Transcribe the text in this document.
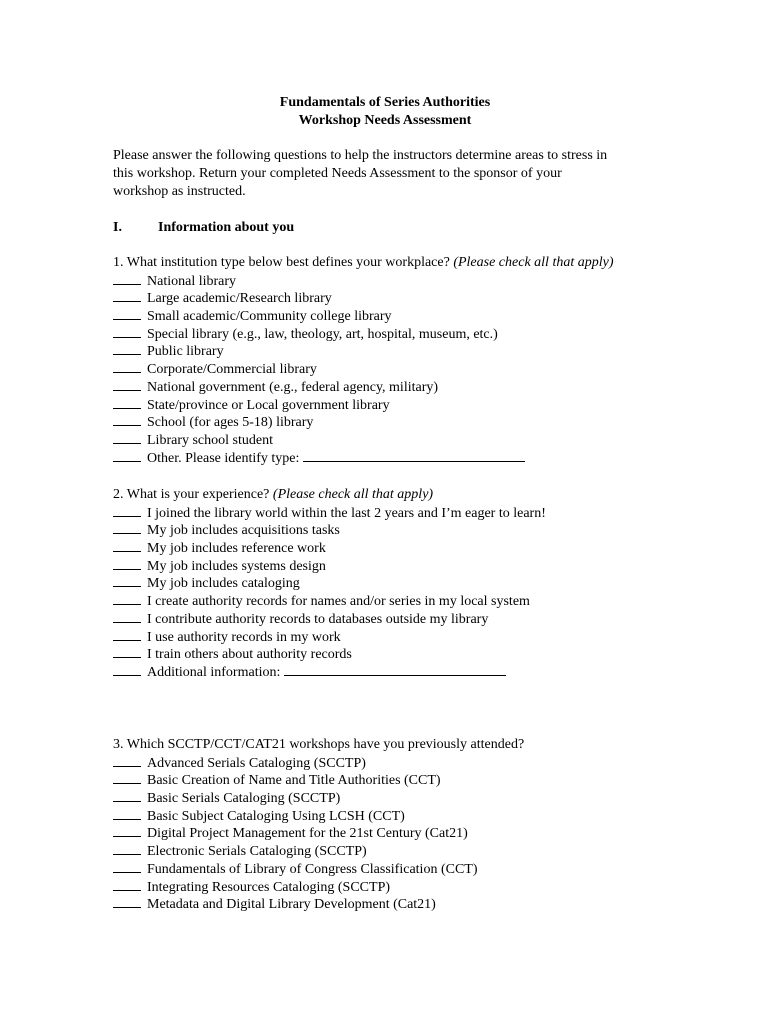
Fundamentals of Series Authorities
Workshop Needs Assessment
Please answer the following questions to help the instructors determine areas to stress in
this workshop. Return your completed Needs Assessment to the sponsor of your
workshop as instructed.
I.	Information about you
1. What institution type below best defines your workplace? (Please check all that apply)
National library
Large academic/Research library
Small academic/Community college library
Special library (e.g., law, theology, art, hospital, museum, etc.)
Public library
Corporate/Commercial library
National government (e.g., federal agency, military)
State/province or Local government library
School (for ages 5-18) library
Library school student
Other. Please identify type:
2. What is your experience? (Please check all that apply)
I joined the library world within the last 2 years and I’m eager to learn!
My job includes acquisitions tasks
My job includes reference work
My job includes systems design
My job includes cataloging
I create authority records for names and/or series in my local system
I contribute authority records to databases outside my library
I use authority records in my work
I train others about authority records
Additional information:
3. Which SCCTP/CCT/CAT21 workshops have you previously attended?
Advanced Serials Cataloging (SCCTP)
Basic Creation of Name and Title Authorities (CCT)
Basic Serials Cataloging (SCCTP)
Basic Subject Cataloging Using LCSH (CCT)
Digital Project Management for the 21st Century (Cat21)
Electronic Serials Cataloging (SCCTP)
Fundamentals of Library of Congress Classification (CCT)
Integrating Resources Cataloging (SCCTP)
Metadata and Digital Library Development (Cat21)
